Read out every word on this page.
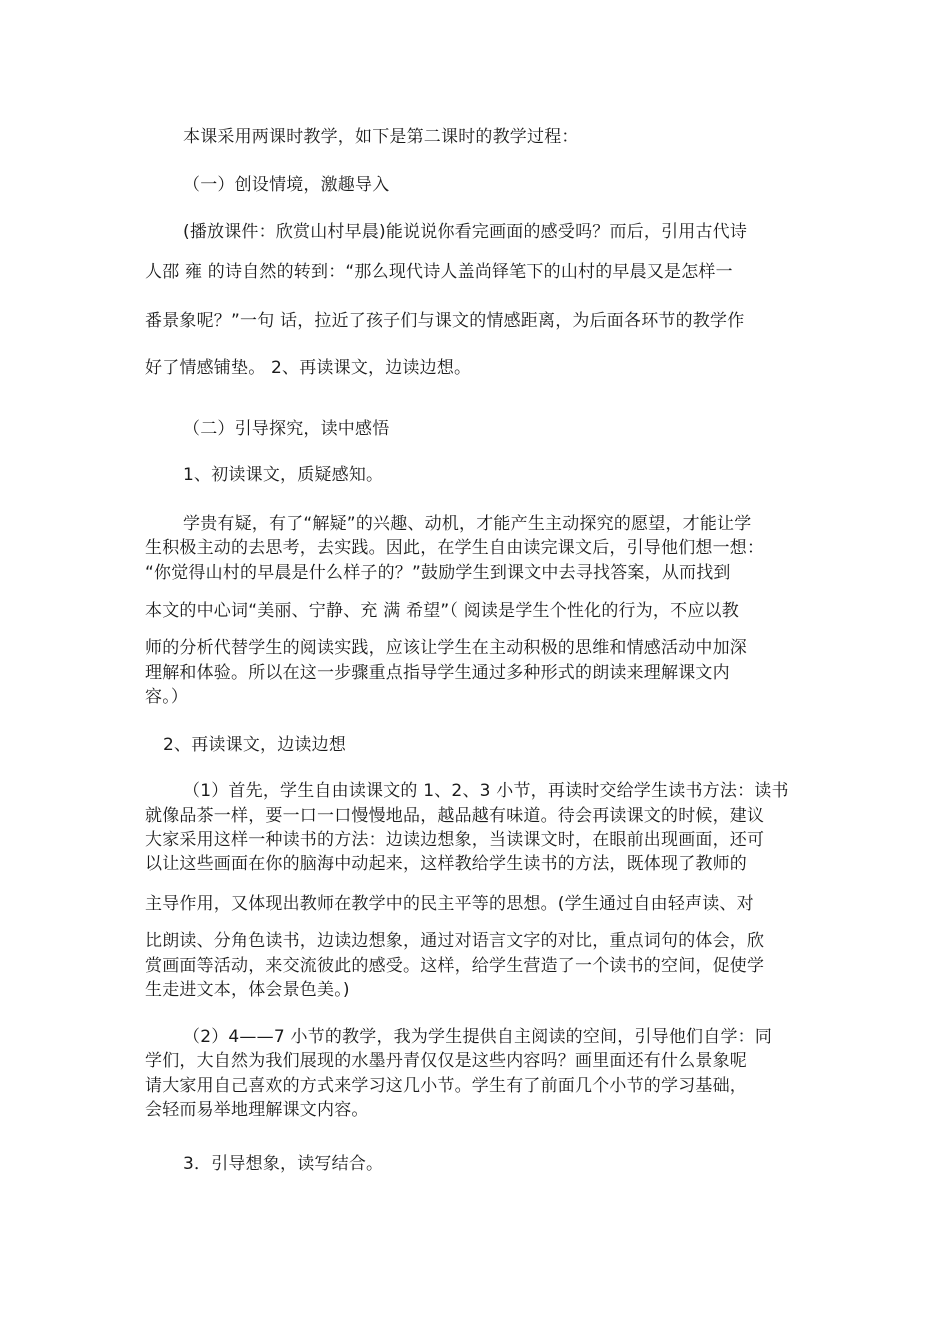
本课采用两课时教学，如下是第二课时的教学过程：
（一）创设情境，激趣导入
(播放课件：欣赏山村早晨)能说说你看完画面的感受吗？而后，引用古代诗
人邵 雍 的诗自然的转到：“那么现代诗人盖尚铎笔下的山村的早晨又是怎样一
番景象呢？”一句 话，拉近了孩子们与课文的情感距离，为后面各环节的教学作
好了情感铺垫。 2、再读课文，边读边想。
（二）引导探究，读中感悟
1、初读课文，质疑感知。
学贵有疑，有了“解疑”的兴趣、动机，才能产生主动探究的愿望，才能让学
生积极主动的去思考，去实践。因此，在学生自由读完课文后，引导他们想一想：
“你觉得山村的早晨是什么样子的？”鼓励学生到课文中去寻找答案，从而找到
本文的中心词“美丽、宁静、充 满 希望”（ 阅读是学生个性化的行为，不应以教
师的分析代替学生的阅读实践，应该让学生在主动积极的思维和情感活动中加深
理解和体验。所以在这一步骤重点指导学生通过多种形式的朗读来理解课文内
容。）
2、再读课文，边读边想
（1）首先，学生自由读课文的 1、2、3 小节，再读时交给学生读书方法：读书
就像品茶一样，要一口一口慢慢地品，越品越有味道。待会再读课文的时候，建议
大家采用这样一种读书的方法：边读边想象，当读课文时，在眼前出现画面，还可
以让这些画面在你的脑海中动起来，这样教给学生读书的方法，既体现了教师的
主导作用，又体现出教师在教学中的民主平等的思想。(学生通过自由轻声读、对
比朗读、分角色读书，边读边想象，通过对语言文字的对比，重点词句的体会，欣
赏画面等活动，来交流彼此的感受。这样，给学生营造了一个读书的空间，促使学
生走进文本，体会景色美。)
（2）4——7 小节的教学，我为学生提供自主阅读的空间，引导他们自学：同
学们，大自然为我们展现的水墨丹青仅仅是这些内容吗？画里面还有什么景象呢
请大家用自己喜欢的方式来学习这几小节。学生有了前面几个小节的学习基础，
会轻而易举地理解课文内容。
3．引导想象，读写结合。
